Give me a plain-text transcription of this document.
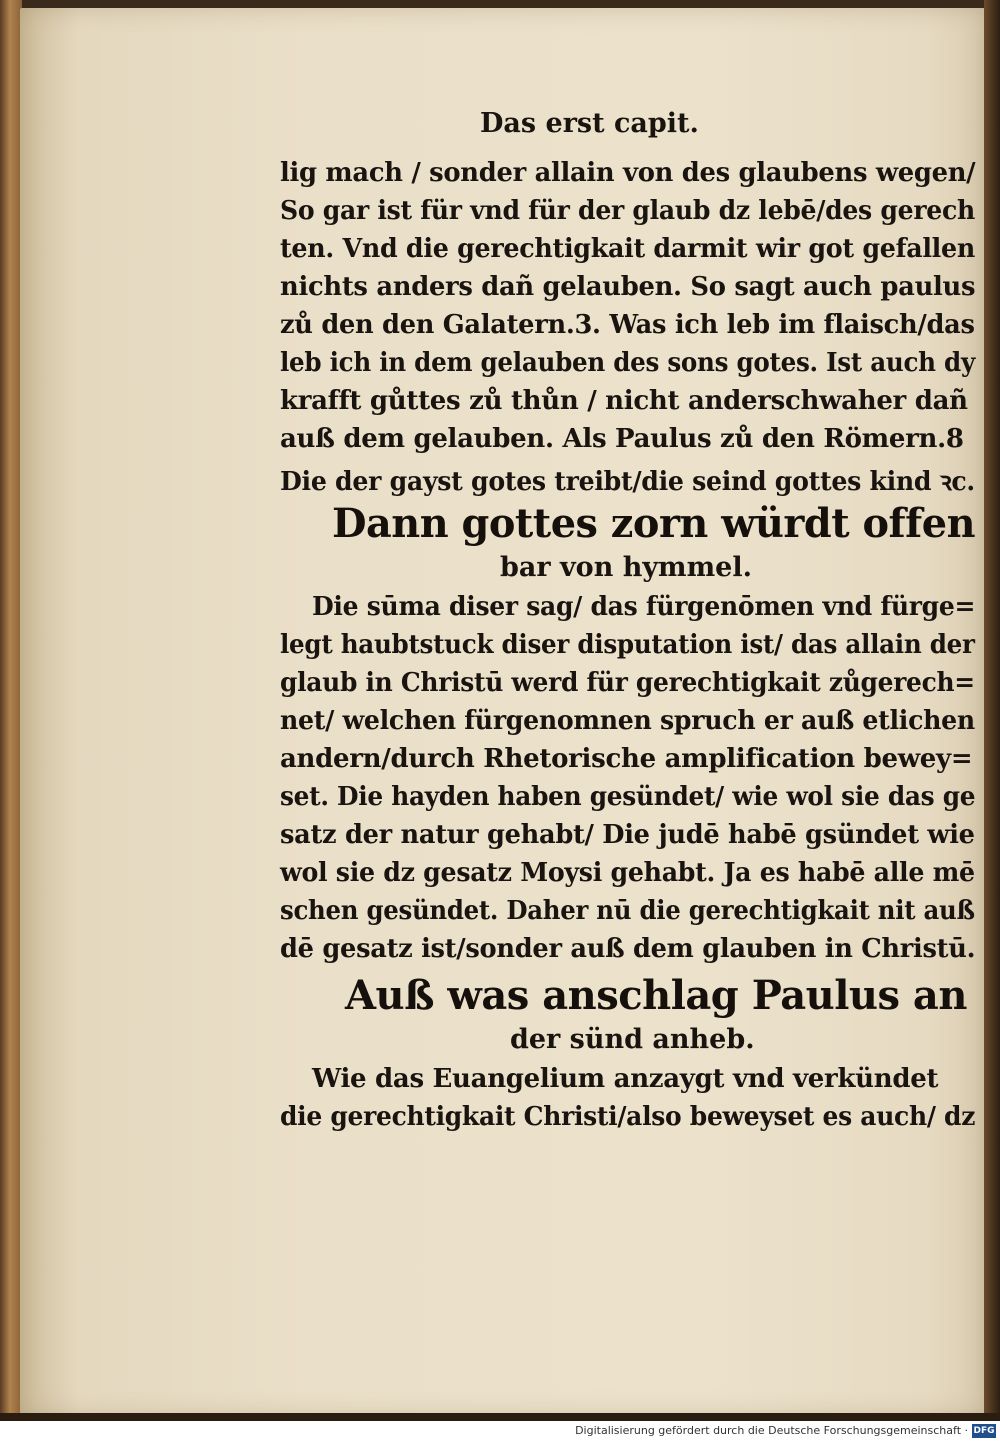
Das erst capit.
lig mach / sonder allain von des glaubens wegen/
So gar ist für vnd für der glaub dz lebē/des gerech
ten. Vnd die gerechtigkait darmit wir got gefallen
nichts anders dañ gelauben. So sagt auch paulus
zů den den Galatern.3. Was ich leb im flaisch/das
leb ich in dem gelauben des sons gotes. Ist auch dy
krafft gůttes zů thůn / nicht anderschwaher dañ
auß dem gelauben. Als Paulus zů den Römern.8
Die der gayst gotes treibt/die seind gottes kind ꝛc.
Dann gottes zorn würdt offen
bar von hymmel.
Die sūma diser sag/ das fürgenōmen vnd fürge=
legt haubtstuck diser disputation ist/ das allain der
glaub in Christū werd für gerechtigkait zůgerech=
net/ welchen fürgenomnen spruch er auß etlichen
andern/durch Rhetorische amplification bewey=
set. Die hayden haben gesündet/ wie wol sie das ge
satz der natur gehabt/ Die judē habē gsündet wie
wol sie dz gesatz Moysi gehabt. Ja es habē alle mē
schen gesündet. Daher nū die gerechtigkait nit auß
dē gesatz ist/sonder auß dem glauben in Christū.
Auß was anschlag Paulus an
der sünd anheb.
Wie das Euangelium anzaygt vnd verkündet
die gerechtigkait Christi/also beweyset es auch/ dz
Digitalisierung gefördert durch die Deutsche Forschungsgemeinschaft · DFG
